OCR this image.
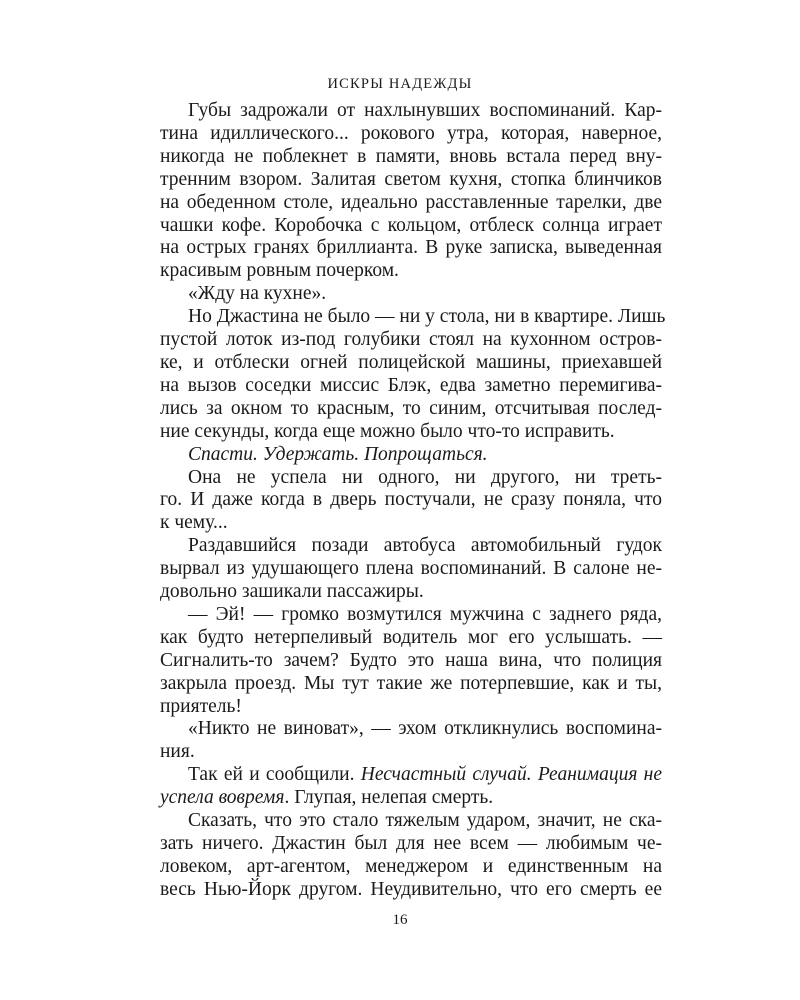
ИСКРЫ НАДЕЖДЫ
Губы задрожали от нахлынувших воспоминаний. Кар-
тина идиллического... рокового утра, которая, наверное,
никогда не поблекнет в памяти, вновь встала перед вну-
тренним взором. Залитая светом кухня, стопка блинчиков
на обеденном столе, идеально расставленные тарелки, две
чашки кофе. Коробочка с кольцом, отблеск солнца играет
на острых гранях бриллианта. В руке записка, выведенная
красивым ровным почерком.
«Жду на кухне».
Но Джастина не было — ни у стола, ни в квартире. Лишь
пустой лоток из-под голубики стоял на кухонном остров-
ке, и отблески огней полицейской машины, приехавшей
на вызов соседки миссис Блэк, едва заметно перемигива-
лись за окном то красным, то синим, отсчитывая послед-
ние секунды, когда еще можно было что-то исправить.
Спасти. Удержать. Попрощаться.
Она не успела ни одного, ни другого, ни треть-
го. И даже когда в дверь постучали, не сразу поняла, что
к чему...
Раздавшийся позади автобуса автомобильный гудок
вырвал из удушающего плена воспоминаний. В салоне не-
довольно зашикали пассажиры.
— Эй! — громко возмутился мужчина с заднего ряда,
как будто нетерпеливый водитель мог его услышать. —
Сигналить-то зачем? Будто это наша вина, что полиция
закрыла проезд. Мы тут такие же потерпевшие, как и ты,
приятель!
«Никто не виноват», — эхом откликнулись воспомина-
ния.
Так ей и сообщили. Несчастный случай. Реанимация не
успела вовремя. Глупая, нелепая смерть.
Сказать, что это стало тяжелым ударом, значит, не ска-
зать ничего. Джастин был для нее всем — любимым че-
ловеком, арт-агентом, менеджером и единственным на
весь Нью-Йорк другом. Неудивительно, что его смерть ее
16
